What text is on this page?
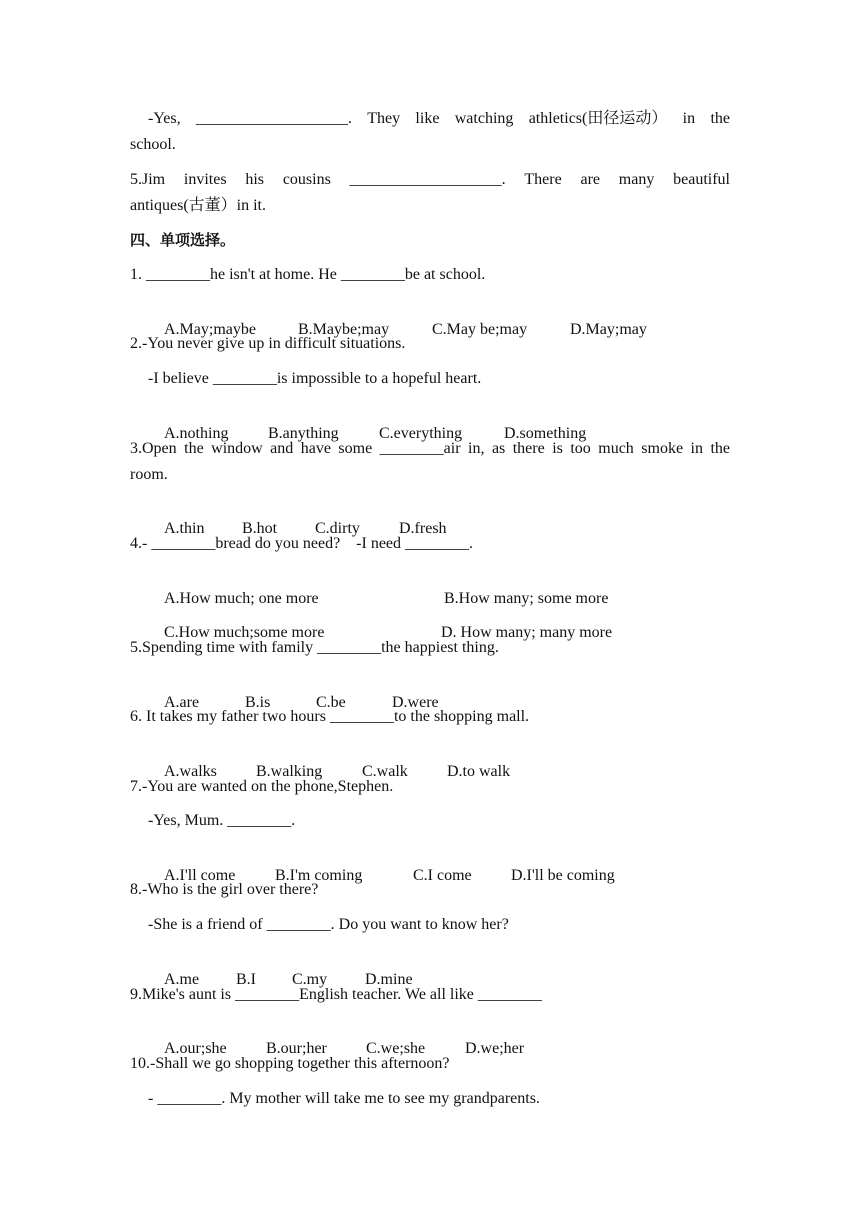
-Yes, ___________________. They like watching athletics(田径运动） in the
school.
5.Jim invites his cousins ___________________. There are many beautiful
antiques(古董）in it.
四、单项选择。
1. ________he isn't at home. He ________be at school.

A.May;maybe	B.Maybe;may	C.May be;may	D.May;may

2.-You never give up in difficult situations.
-I believe ________is impossible to a hopeful heart.

A.nothing B.anything	C.everything	D.something

3.Open the window and have some ________air in, as there is too much smoke in the
room.

A.thin B.hot C.dirty D.fresh

4.- ________bread do you need?    -I need ________.

A.How much; one more	B.How many; some more

C.How much;some more	D. How many; many more

5.Spending time with family ________the happiest thing.

A.are	B.is	C.be	D.were

6. It takes my father two hours ________to the shopping mall.

A.walks B.walking C.walk D.to walk

7.-You are wanted on the phone,Stephen.
-Yes, Mum. ________.

A.I'll come B.I'm coming	C.I come D.I'll be coming

8.-Who is the girl over there?
-She is a friend of ________. Do you want to know her?

A.me B.I C.my D.mine

9.Mike's aunt is ________English teacher. We all like ________

A.our;she B.our;her C.we;she D.we;her

10.-Shall we go shopping together this afternoon?
- ________. My mother will take me to see my grandparents.
